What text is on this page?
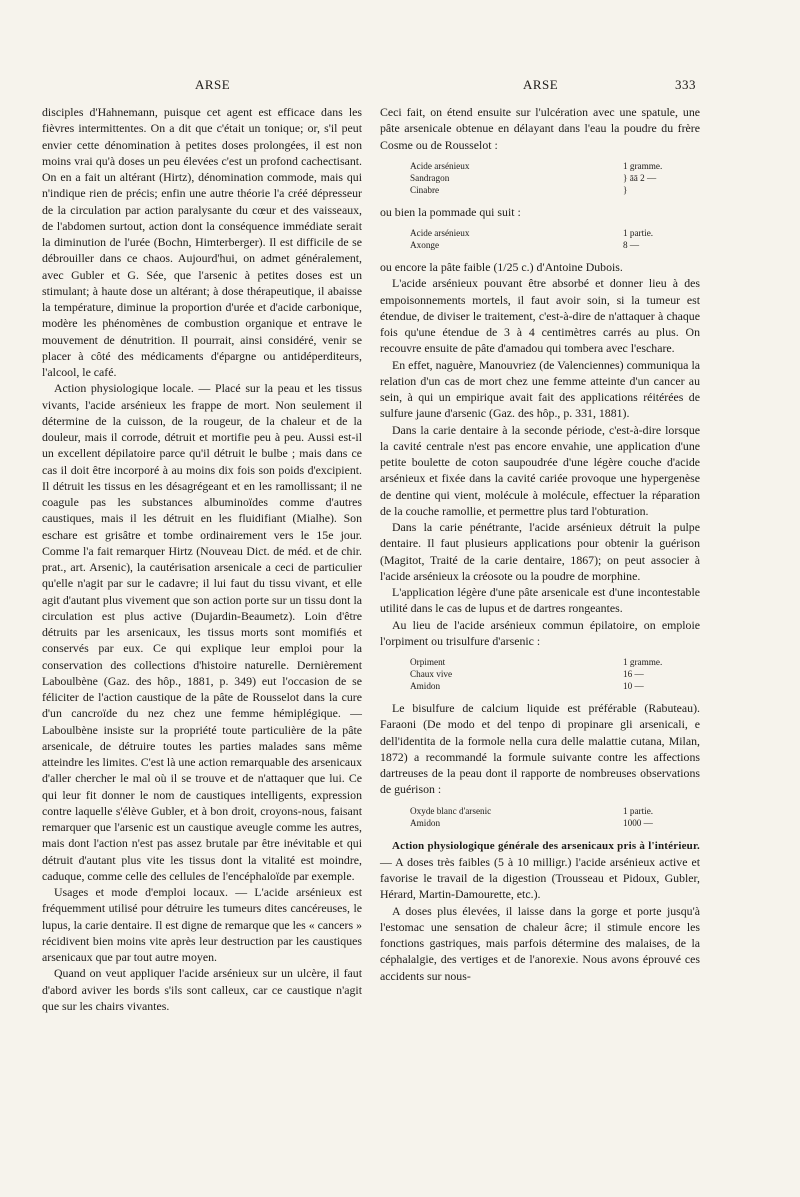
ARSE	ARSE	333

disciples d'Hahnemann, puisque cet agent est efficace dans les fièvres intermittentes. On a dit que c'était un tonique; or, s'il peut envier cette dénomination à petites doses prolongées, il est non moins vrai qu'à doses un peu élevées c'est un profond cachectisant. On en a fait un altérant (Hirtz), dénomination commode, mais qui n'indique rien de précis; enfin une autre théorie l'a créé dépresseur de la circulation par action paralysante du cœur et des vaisseaux, de l'abdomen surtout, action dont la conséquence immédiate serait la diminution de l'urée (Bochn, Himterberger). Il est difficile de se débrouiller dans ce chaos. Aujourd'hui, on admet généralement, avec Gubler et G. Sée, que l'arsenic à petites doses est un stimulant; à haute dose un altérant; à dose thérapeutique, il abaisse la température, diminue la proportion d'urée et d'acide carbonique, modère les phénomènes de combustion organique et entrave le mouvement de dénutrition. Il pourrait, ainsi considéré, venir se placer à côté des médicaments d'épargne ou antidéperditeurs, l'alcool, le café.

Action physiologique locale. — Placé sur la peau et les tissus vivants, l'acide arsénieux les frappe de mort. Non seulement il détermine de la cuisson, de la rougeur, de la chaleur et de la douleur, mais il corrode, détruit et mortifie peu à peu. Aussi est-il un excellent dépilatoire parce qu'il détruit le bulbe ; mais dans ce cas il doit être incorporé à au moins dix fois son poids d'excipient. Il détruit les tissus en les désagrégeant et en les ramollissant; il ne coagule pas les substances albuminoïdes comme d'autres caustiques, mais il les détruit en les fluidifiant (Mialhe). Son eschare est grisâtre et tombe ordinairement vers le 15e jour. Comme l'a fait remarquer Hirtz (Nouveau Dict. de méd. et de chir. prat., art. Arsenic), la cautérisation arsenicale a ceci de particulier qu'elle n'agit par sur le cadavre; il lui faut du tissu vivant, et elle agit d'autant plus vivement que son action porte sur un tissu dont la circulation est plus active (Dujardin-Beaumetz). Loin d'être détruits par les arsenicaux, les tissus morts sont momifiés et conservés par eux. Ce qui explique leur emploi pour la conservation des collections d'histoire naturelle. Dernièrement Laboulbène (Gaz. des hôp., 1881, p. 349) eut l'occasion de se féliciter de l'action caustique de la pâte de Rousselot dans la cure d'un cancroïde du nez chez une femme hémiplégique. — Laboulbène insiste sur la propriété toute particulière de la pâte arsenicale, de détruire toutes les parties malades sans même atteindre les limites. C'est là une action remarquable des arsenicaux d'aller chercher le mal où il se trouve et de n'attaquer que lui. Ce qui leur fit donner le nom de caustiques intelligents, expression contre laquelle s'élève Gubler, et à bon droit, croyons-nous, faisant remarquer que l'arsenic est un caustique aveugle comme les autres, mais dont l'action n'est pas assez brutale par être inévitable et qui détruit d'autant plus vite les tissus dont la vitalité est moindre, caduque, comme celle des cellules de l'encéphaloïde par exemple.

Usages et mode d'emploi locaux. — L'acide arsénieux est fréquemment utilisé pour détruire les tumeurs dites cancéreuses, le lupus, la carie dentaire. Il est digne de remarque que les « cancers » récidivent bien moins vite après leur destruction par les caustiques arsenicaux que par tout autre moyen.

Quand on veut appliquer l'acide arsénieux sur un ulcère, il faut d'abord aviver les bords s'ils sont calleux, car ce caustique n'agit que sur les chairs vivantes.

Ceci fait, on étend ensuite sur l'ulcération avec une spatule, une pâte arsenicale obtenue en délayant dans l'eau la poudre du frère Cosme ou de Rousselot :

Acide arsénieux	1 gramme.
Sandragon	} āā 2 —
Cinabre	}

ou bien la pommade qui suit :

Acide arsénieux	1 partie.
Axonge	8 —

ou encore la pâte faible (1/25 c.) d'Antoine Dubois.

L'acide arsénieux pouvant être absorbé et donner lieu à des empoisonnements mortels, il faut avoir soin, si la tumeur est étendue, de diviser le traitement, c'est-à-dire de n'attaquer à chaque fois qu'une étendue de 3 à 4 centimètres carrés au plus. On recouvre ensuite de pâte d'amadou qui tombera avec l'eschare.

En effet, naguère, Manouvriez (de Valenciennes) communiqua la relation d'un cas de mort chez une femme atteinte d'un cancer au sein, à qui un empirique avait fait des applications réitérées de sulfure jaune d'arsenic (Gaz. des hôp., p. 331, 1881).

Dans la carie dentaire à la seconde période, c'est-à-dire lorsque la cavité centrale n'est pas encore envahie, une application d'une petite boulette de coton saupoudrée d'une légère couche d'acide arsénieux et fixée dans la cavité cariée provoque une hypergenèse de dentine qui vient, molécule à molécule, effectuer la réparation de la couche ramollie, et permettre plus tard l'obturation.

Dans la carie pénétrante, l'acide arsénieux détruit la pulpe dentaire. Il faut plusieurs applications pour obtenir la guérison (Magitot, Traité de la carie dentaire, 1867); on peut associer à l'acide arsénieux la créosote ou la poudre de morphine.

L'application légère d'une pâte arsenicale est d'une incontestable utilité dans le cas de lupus et de dartres rongeantes.

Au lieu de l'acide arsénieux commun épilatoire, on emploie l'orpiment ou trisulfure d'arsenic :

Orpiment	1 gramme.
Chaux vive	16 —
Amidon	10 —

Le bisulfure de calcium liquide est préférable (Rabuteau). Faraoni (De modo et del tenpo di propinare gli arsenicali, e dell'identita de la formole nella cura delle malattie cutana, Milan, 1872) a recommandé la formule suivante contre les affections dartreuses de la peau dont il rapporte de nombreuses observations de guérison :

Oxyde blanc d'arsenic	1 partie.
Amidon	1000 —

Action physiologique générale des arsenicaux pris à l'intérieur. — A doses très faibles (5 à 10 milligr.) l'acide arsénieux active et favorise le travail de la digestion (Trousseau et Pidoux, Gubler, Hérard, Martin-Damourette, etc.).

A doses plus élevées, il laisse dans la gorge et porte jusqu'à l'estomac une sensation de chaleur âcre; il stimule encore les fonctions gastriques, mais parfois détermine des malaises, de la céphalalgie, des vertiges et de l'anorexie. Nous avons éprouvé ces accidents sur nous-
